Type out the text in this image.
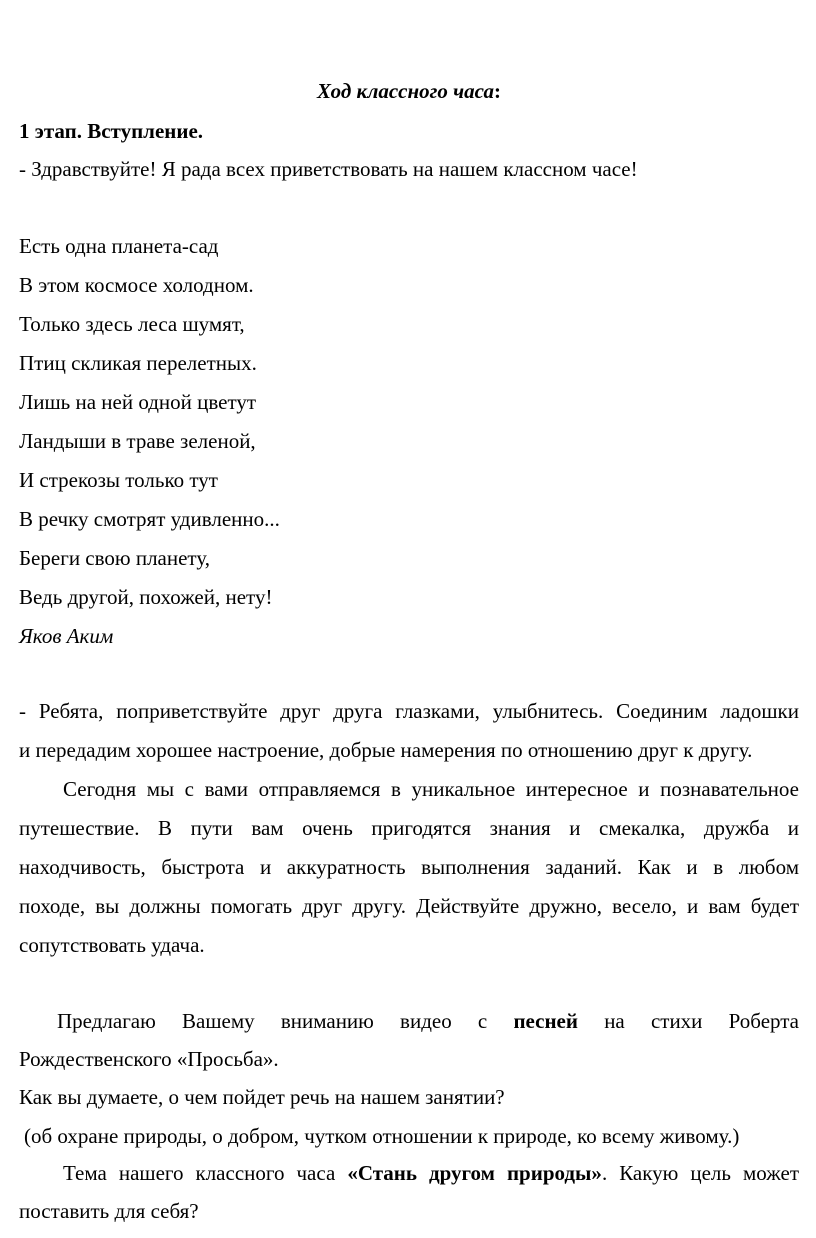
Ход классного часа:
1 этап. Вступление.
- Здравствуйте! Я рада всех приветствовать на нашем классном часе!
Есть одна планета-сад
В этом космосе холодном.
Только здесь леса шумят,
Птиц скликая перелетных.
Лишь на ней одной цветут
Ландыши в траве зеленой,
И стрекозы только тут
В речку смотрят удивленно...
Береги свою планету,
Ведь другой, похожей, нету!
Яков Аким
- Ребята, поприветствуйте друг друга глазками, улыбнитесь. Соединим ладошки
и передадим хорошее настроение, добрые намерения по отношению друг к другу.
Сегодня мы с вами отправляемся в уникальное интересное и познавательное
путешествие. В пути вам очень пригодятся знания и смекалка, дружба и
находчивость, быстрота и аккуратность выполнения заданий. Как и в любом
походе, вы должны помогать друг другу. Действуйте дружно, весело, и вам будет
сопутствовать удача.
Предлагаю Вашему вниманию видео с песней на стихи Роберта
Рождественского «Просьба».
Как вы думаете, о чем пойдет речь на нашем занятии?
(об охране природы, о добром, чутком отношении к природе, ко всему живому.)
Тема нашего классного часа «Стань другом природы». Какую цель может
поставить для себя?
